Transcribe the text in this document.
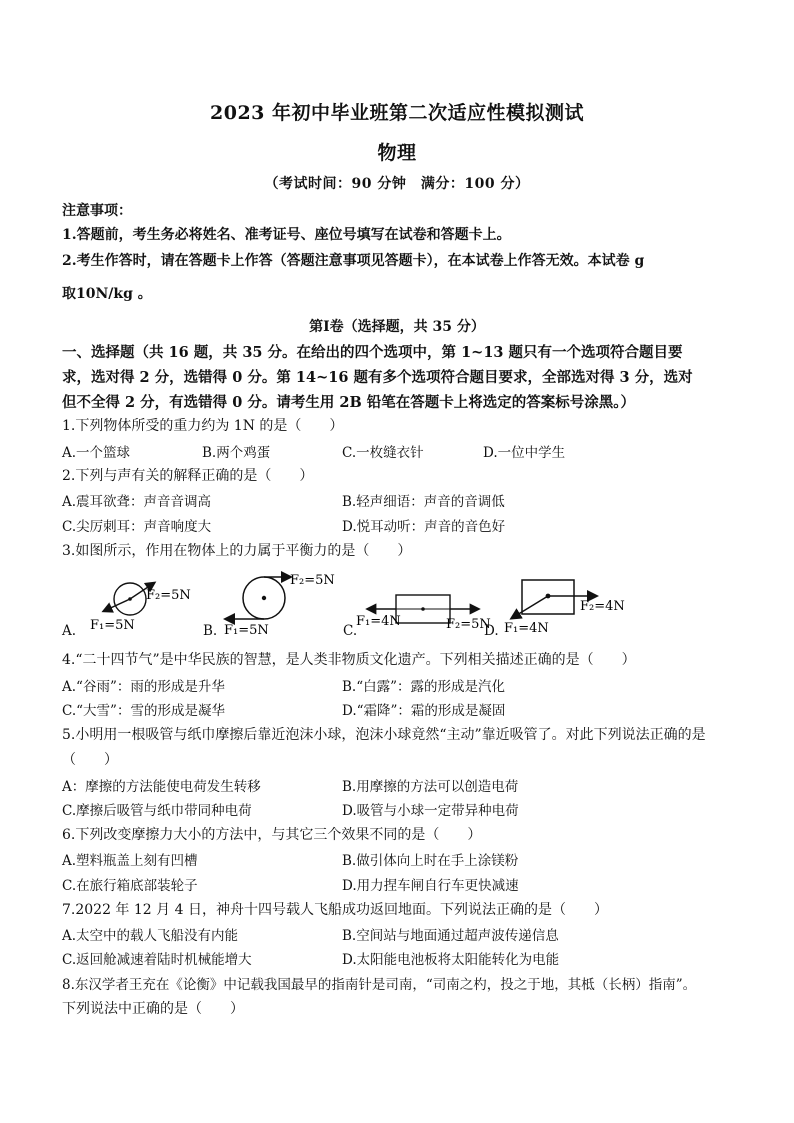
2023 年初中毕业班第二次适应性模拟测试
物理
（考试时间：90 分钟　满分：100 分）
注意事项：
1.答题前，考生务必将姓名、准考证号、座位号填写在试卷和答题卡上。
2.考生作答时，请在答题卡上作答（答题注意事项见答题卡），在本试卷上作答无效。本试卷 g
取10N/kg 。
第Ⅰ卷（选择题，共 35 分）
一、选择题（共 16 题，共 35 分。在给出的四个选项中，第 1~13 题只有一个选项符合题目要
求，选对得 2 分，选错得 0 分。第 14~16 题有多个选项符合题目要求，全部选对得 3 分，选对
但不全得 2 分，有选错得 0 分。请考生用 2B 铅笔在答题卡上将选定的答案标号涂黑。）
1.下列物体所受的重力约为 1N 的是（　　）
A.一个篮球	B.两个鸡蛋	C.一枚缝衣针	D.一位中学生
2.下列与声有关的解释正确的是（　　）
A.震耳欲聋：声音音调高	B.轻声细语：声音的音调低
C.尖厉刺耳：声音响度大	D.悦耳动听：声音的音色好
3.如图所示，作用在物体上的力属于平衡力的是（　　）
A.	B.	C.	D.
F₁=5N
F₂=5N
F₁=5N
F₂=5N
F₁=4N	F₂=5N F₁=4N
F₂=4N
4.“二十四节气”是中华民族的智慧，是人类非物质文化遗产。下列相关描述正确的是（　　）
A.“谷雨”：雨的形成是升华	B.“白露”：露的形成是汽化
C.“大雪”：雪的形成是凝华	D.“霜降”：霜的形成是凝固
5.小明用一根吸管与纸巾摩擦后靠近泡沫小球，泡沫小球竟然“主动”靠近吸管了。对此下列说法正确的是
（　　）
A：摩擦的方法能使电荷发生转移	B.用摩擦的方法可以创造电荷
C.摩擦后吸管与纸巾带同种电荷	D.吸管与小球一定带异种电荷
6.下列改变摩擦力大小的方法中，与其它三个效果不同的是（　　）
A.塑料瓶盖上刻有凹槽	B.做引体向上时在手上涂镁粉
C.在旅行箱底部装轮子	D.用力捏车闸自行车更快减速
7.2022 年 12 月 4 日，神舟十四号载人飞船成功返回地面。下列说法正确的是（　　）
A.太空中的载人飞船没有内能	B.空间站与地面通过超声波传递信息
C.返回舱减速着陆时机械能增大	D.太阳能电池板将太阳能转化为电能
8.东汉学者王充在《论衡》中记载我国最早的指南针是司南，“司南之杓，投之于地，其柢（长柄）指南”。
下列说法中正确的是（　　）
